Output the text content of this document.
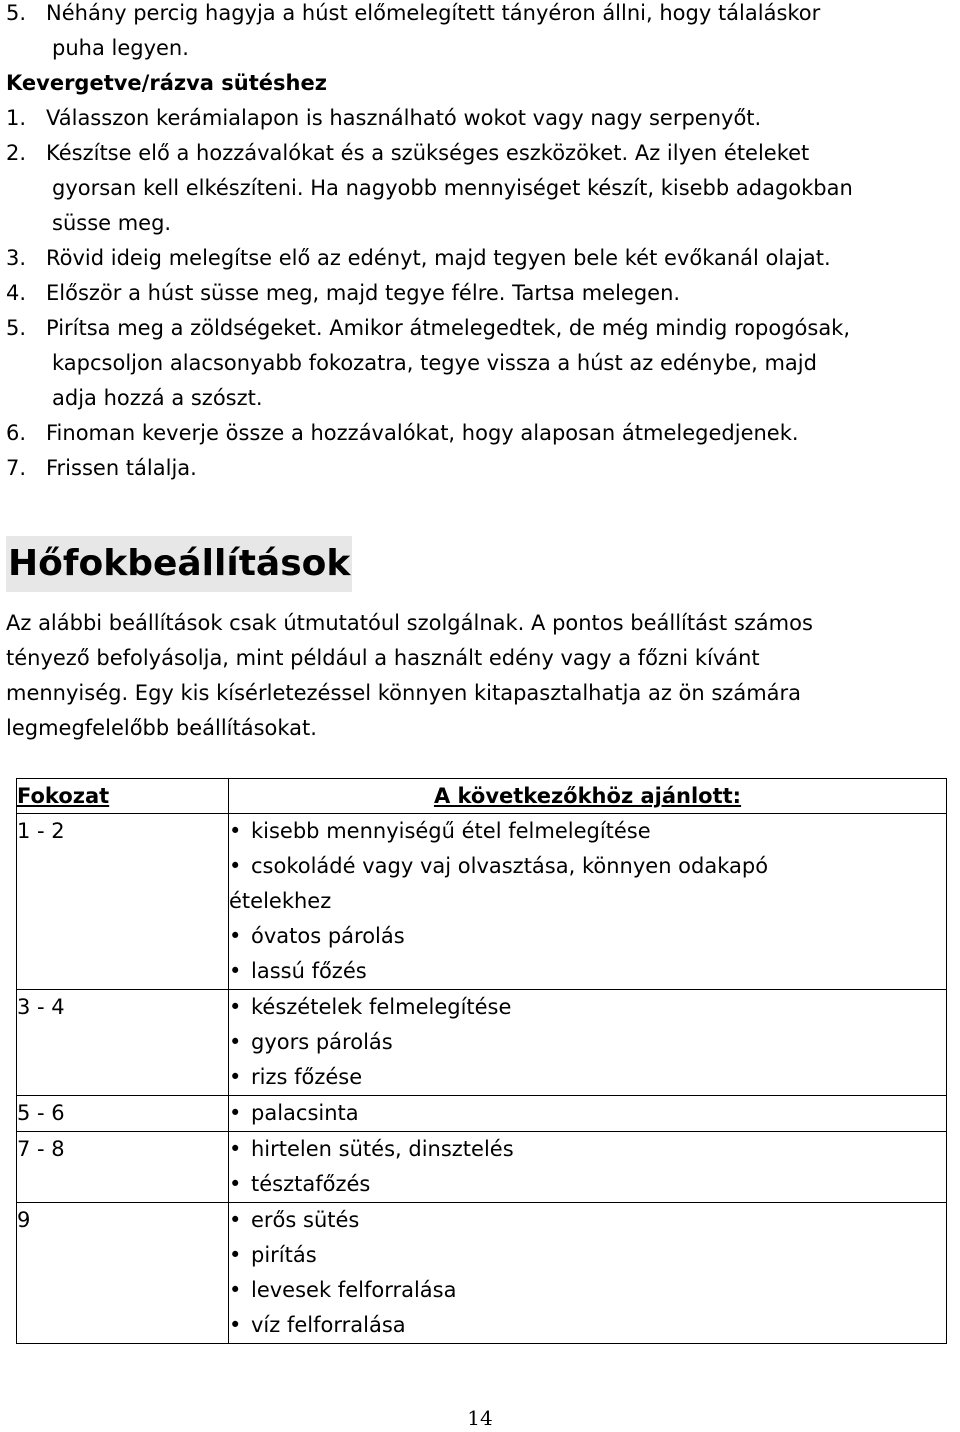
5. Néhány percig hagyja a húst előmelegített tányéron állni, hogy tálaláskor
puha legyen.
Kevergetve/rázva sütéshez
1. Válasszon kerámialapon is használható wokot vagy nagy serpenyőt.
2. Készítse elő a hozzávalókat és a szükséges eszközöket. Az ilyen ételeket
gyorsan kell elkészíteni. Ha nagyobb mennyiséget készít, kisebb adagokban
süsse meg.
3. Rövid ideig melegítse elő az edényt, majd tegyen bele két evőkanál olajat.
4. Először a húst süsse meg, majd tegye félre. Tartsa melegen.
5. Pirítsa meg a zöldségeket. Amikor átmelegedtek, de még mindig ropogósak,
kapcsoljon alacsonyabb fokozatra, tegye vissza a húst az edénybe, majd
adja hozzá a szószt.
6. Finoman keverje össze a hozzávalókat, hogy alaposan átmelegedjenek.
7. Frissen tálalja.
Hőfokbeállítások
Az alábbi beállítások csak útmutatóul szolgálnak. A pontos beállítást számos
tényező befolyásolja, mint például a használt edény vagy a főzni kívánt
mennyiség. Egy kis kísérletezéssel könnyen kitapasztalhatja az ön számára
legmegfelelőbb beállításokat.
Fokozat	A következőkhöz ajánlott:
1 - 2	• kisebb mennyiségű étel felmelegítése
• csokoládé vagy vaj olvasztása, könnyen odakapó
ételekhez
• óvatos párolás
• lassú főzés

3 - 4	• készételek felmelegítése
• gyors párolás
• rizs főzése

5 - 6	• palacsinta

7 - 8	• hirtelen sütés, dinsztelés
• tésztafőzés

9	• erős sütés
• pirítás
• levesek felforralása
• víz felforralása
14
